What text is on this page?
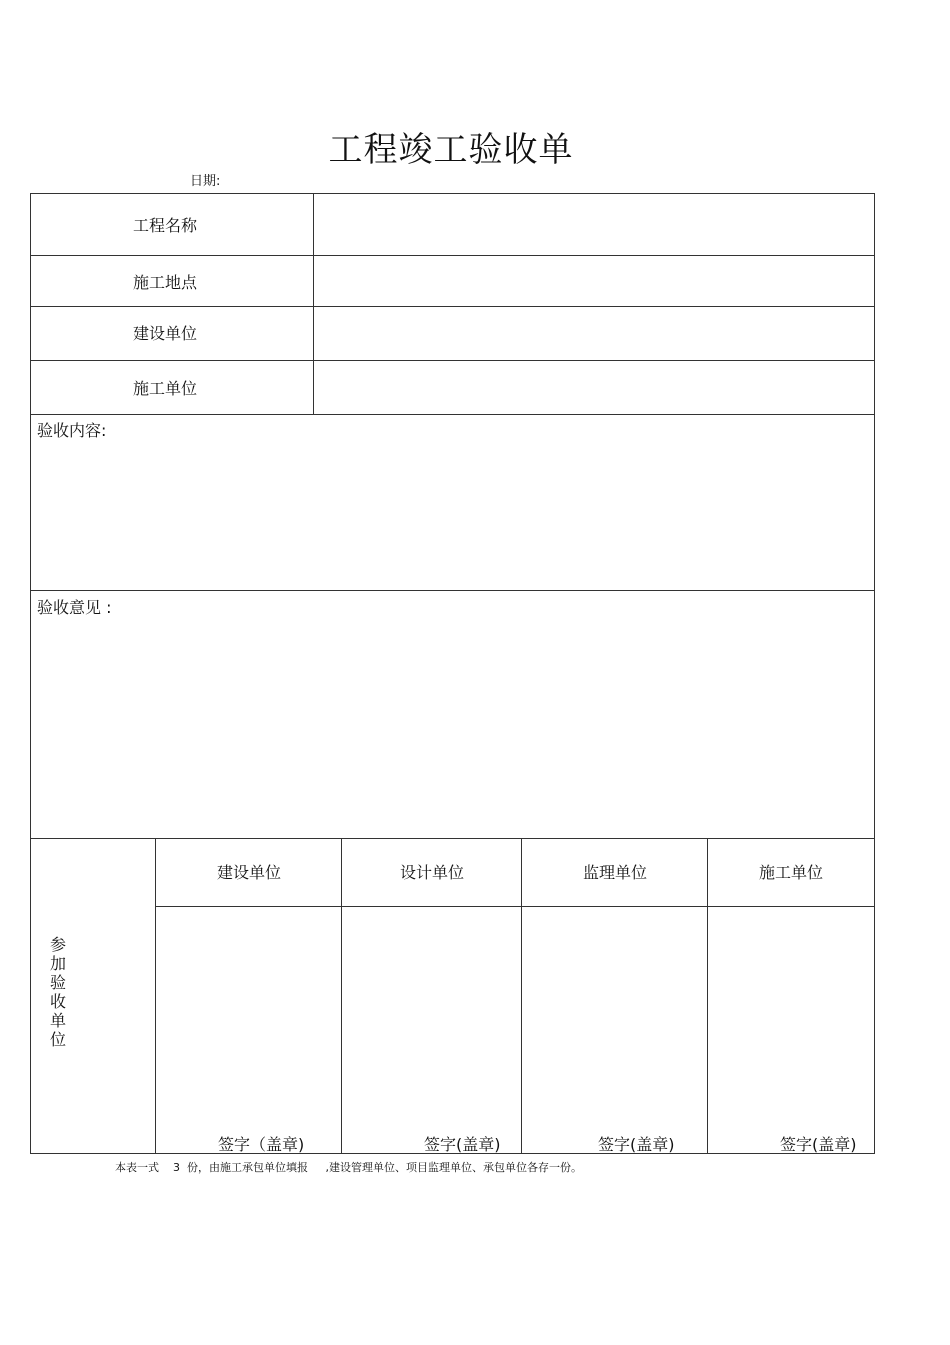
工程竣工验收单
日期:
工程名称
施工地点
建设单位
施工单位
验收内容:
验收意见 :
参加验收单位
建设单位	设计单位	监理单位	施工单位
签字（盖章)	签字(盖章)	签字(盖章)	签字(盖章)
本表一式    3  份，由施工承包单位填报     ,建设管理单位、项目监理单位、承包单位各存一份。
